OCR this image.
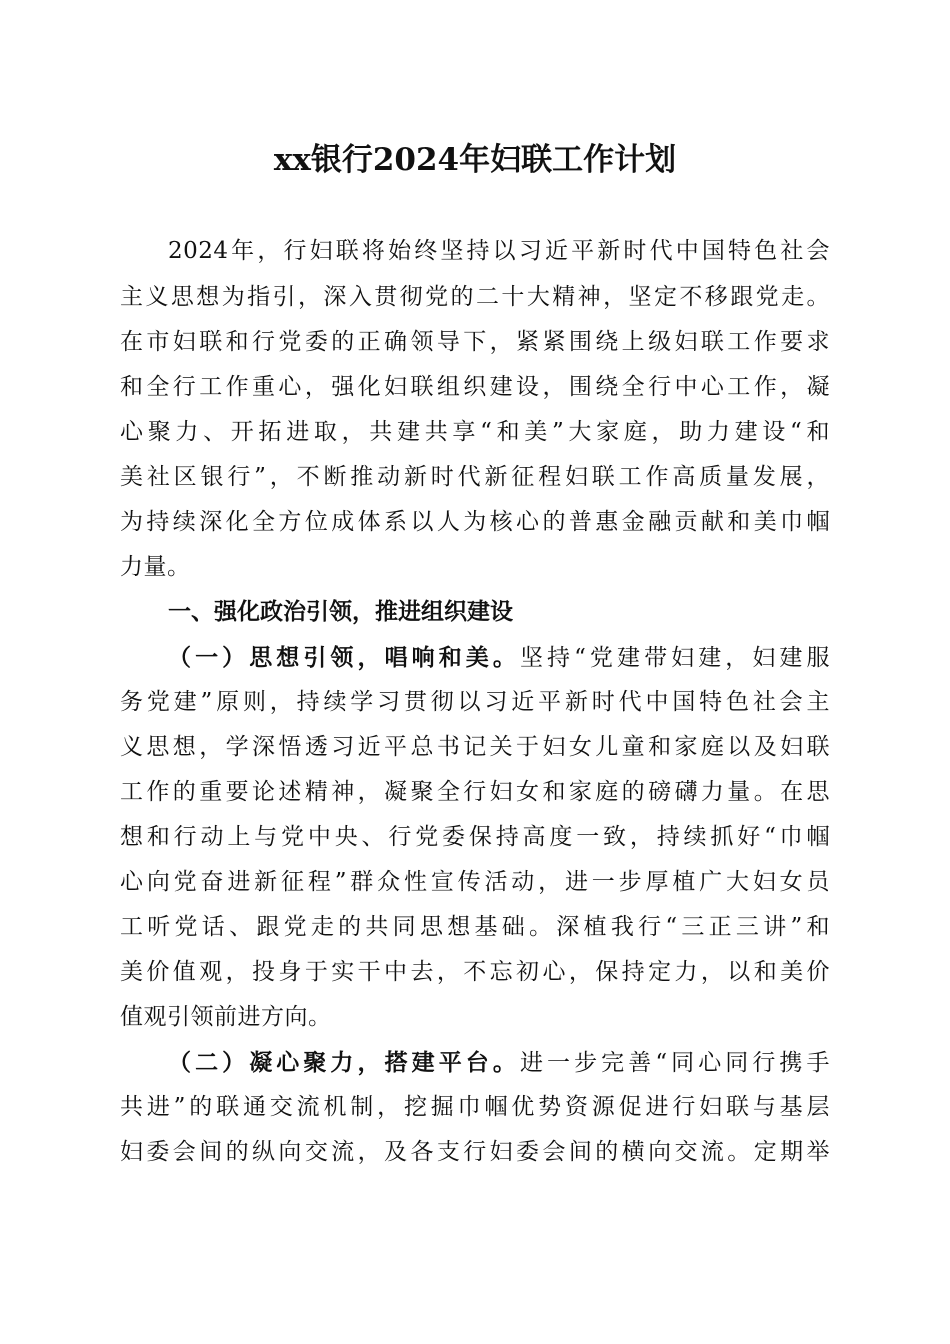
xx银行2024年妇联工作计划
2024年，行妇联将始终坚持以习近平新时代中国特色社会
主义思想为指引，深入贯彻党的二十大精神，坚定不移跟党走。
在市妇联和行党委的正确领导下，紧紧围绕上级妇联工作要求
和全行工作重心，强化妇联组织建设，围绕全行中心工作，凝
心聚力、开拓进取，共建共享“和美”大家庭，助力建设“和
美社区银行”，不断推动新时代新征程妇联工作高质量发展，
为持续深化全方位成体系以人为核心的普惠金融贡献和美巾帼
力量。
一、强化政治引领，推进组织建设
（一）思想引领，唱响和美。坚持“党建带妇建，妇建服
务党建”原则，持续学习贯彻以习近平新时代中国特色社会主
义思想，学深悟透习近平总书记关于妇女儿童和家庭以及妇联
工作的重要论述精神，凝聚全行妇女和家庭的磅礴力量。在思
想和行动上与党中央、行党委保持高度一致，持续抓好“巾帼
心向党奋进新征程”群众性宣传活动，进一步厚植广大妇女员
工听党话、跟党走的共同思想基础。深植我行“三正三讲”和
美价值观，投身于实干中去，不忘初心，保持定力，以和美价
值观引领前进方向。
（二）凝心聚力，搭建平台。进一步完善“同心同行携手
共进”的联通交流机制，挖掘巾帼优势资源促进行妇联与基层
妇委会间的纵向交流，及各支行妇委会间的横向交流。定期举
